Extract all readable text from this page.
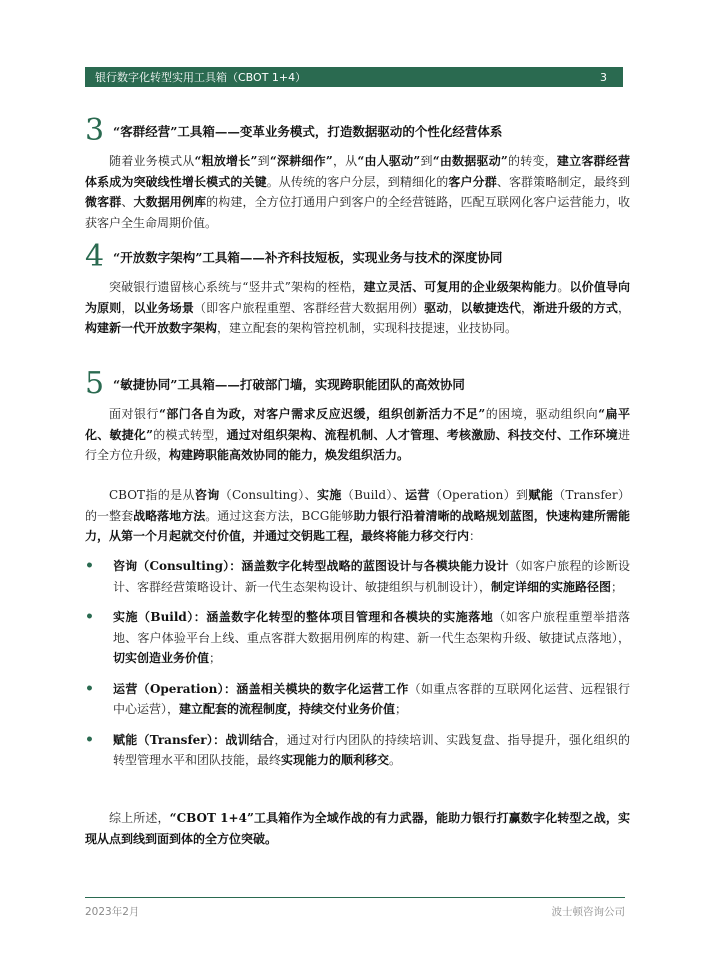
银行数字化转型实用工具箱（CBOT 1+4）	3
3 “客群经营”工具箱——变革业务模式，打造数据驱动的个性化经营体系

随着业务模式从“粗放增长”到“深耕细作”，从“由人驱动”到“由数据驱动”的转变，建立客群经营体系成为突破线性增长模式的关键。从传统的客户分层，到精细化的客户分群、客群策略制定，最终到微客群、大数据用例库的构建，全方位打通用户到客户的全经营链路，匹配互联网化客户运营能力，收获客户全生命周期价值。

4 “开放数字架构”工具箱——补齐科技短板，实现业务与技术的深度协同

突破银行遗留核心系统与“竖井式”架构的桎梏，建立灵活、可复用的企业级架构能力。以价值导向为原则，以业务场景（即客户旅程重塑、客群经营大数据用例）驱动，以敏捷迭代，渐进升级的方式，构建新一代开放数字架构，建立配套的架构管控机制，实现科技提速，业技协同。

5 “敏捷协同”工具箱——打破部门墙，实现跨职能团队的高效协同

面对银行“部门各自为政，对客户需求反应迟缓，组织创新活力不足”的困境，驱动组织向“扁平化、敏捷化”的模式转型，通过对组织架构、流程机制、人才管理、考核激励、科技交付、工作环境进行全方位升级，构建跨职能高效协同的能力，焕发组织活力。

CBOT指的是从咨询（Consulting）、实施（Build）、运营（Operation）到赋能（Transfer）的一整套战略落地方法。通过这套方法，BCG能够助力银行沿着清晰的战略规划蓝图，快速构建所需能力，从第一个月起就交付价值，并通过交钥匙工程，最终将能力移交行内：

• 咨询（Consulting）：涵盖数字化转型战略的蓝图设计与各模块能力设计（如客户旅程的诊断设计、客群经营策略设计、新一代生态架构设计、敏捷组织与机制设计），制定详细的实施路径图；
• 实施（Build）：涵盖数字化转型的整体项目管理和各模块的实施落地（如客户旅程重塑举措落地、客户体验平台上线、重点客群大数据用例库的构建、新一代生态架构升级、敏捷试点落地），切实创造业务价值；
• 运营（Operation）：涵盖相关模块的数字化运营工作（如重点客群的互联网化运营、远程银行中心运营），建立配套的流程制度，持续交付业务价值；
• 赋能（Transfer）：战训结合，通过对行内团队的持续培训、实践复盘、指导提升，强化组织的转型管理水平和团队技能，最终实现能力的顺利移交。

综上所述，“CBOT 1+4”工具箱作为全域作战的有力武器，能助力银行打赢数字化转型之战，实现从点到线到面到体的全方位突破。

2023年2月	波士顿咨询公司
